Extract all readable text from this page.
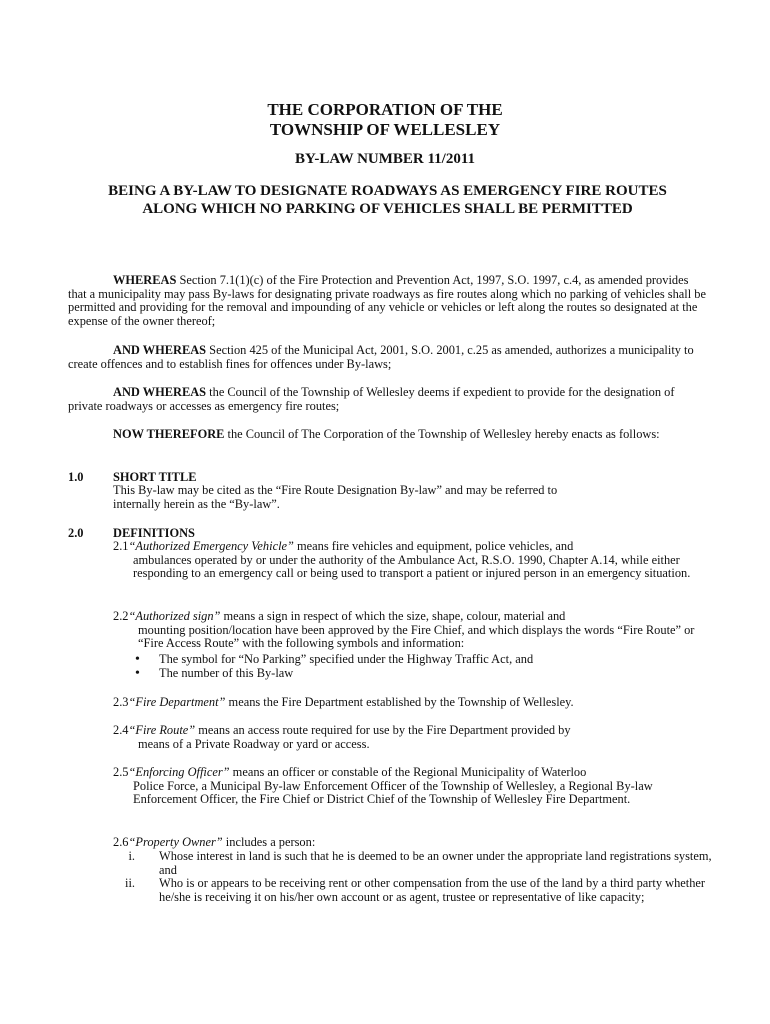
THE CORPORATION OF THE
TOWNSHIP OF WELLESLEY

BY-LAW NUMBER 11/2011

BEING A BY-LAW TO DESIGNATE ROADWAYS AS EMERGENCY FIRE ROUTES ALONG WHICH NO PARKING OF VEHICLES SHALL BE PERMITTED

WHEREAS Section 7.1(1)(c) of the Fire Protection and Prevention Act, 1997, S.O. 1997, c.4, as amended provides that a municipality may pass By-laws for designating private roadways as fire routes along which no parking of vehicles shall be permitted and providing for the removal and impounding of any vehicle or vehicles or left along the routes so designated at the expense of the owner thereof;

AND WHEREAS Section 425 of the Municipal Act, 2001, S.O. 2001, c.25 as amended, authorizes a municipality to create offences and to establish fines for offences under By-laws;

AND WHEREAS the Council of the Township of Wellesley deems if expedient to provide for the designation of private roadways or accesses as emergency fire routes;

NOW THEREFORE the Council of The Corporation of the Township of Wellesley hereby enacts as follows:

1.0 SHORT TITLE

This By-law may be cited as the “Fire Route Designation By-law” and may be referred to
internally herein as the “By-law”.

2.0 DEFINITIONS

2.1“Authorized Emergency Vehicle” means fire vehicles and equipment, police vehicles, and
ambulances operated by or under the authority of the Ambulance Act, R.S.O. 1990, Chapter A.14, while either responding to an emergency call or being used to transport a patient or injured person in an emergency situation.

2.2“Authorized sign” means a sign in respect of which the size, shape, colour, material and
mounting position/location have been approved by the Fire Chief, and which displays the words “Fire Route” or “Fire Access Route” with the following symbols and information:

• The symbol for “No Parking” specified under the Highway Traffic Act, and
• The number of this By-law

2.3“Fire Department” means the Fire Department established by the Township of Wellesley.

2.4“Fire Route” means an access route required for use by the Fire Department provided by
means of a Private Roadway or yard or access.

2.5“Enforcing Officer” means an officer or constable of the Regional Municipality of Waterloo
Police Force, a Municipal By-law Enforcement Officer of the Township of Wellesley, a Regional By-law Enforcement Officer, the Fire Chief or District Chief of the Township of Wellesley Fire Department.

2.6“Property Owner” includes a person:

i. Whose interest in land is such that he is deemed to be an owner under the appropriate land registrations system, and
ii. Who is or appears to be receiving rent or other compensation from the use of the land by a third party whether he/she is receiving it on his/her own account or as agent, trustee or representative of like capacity;
